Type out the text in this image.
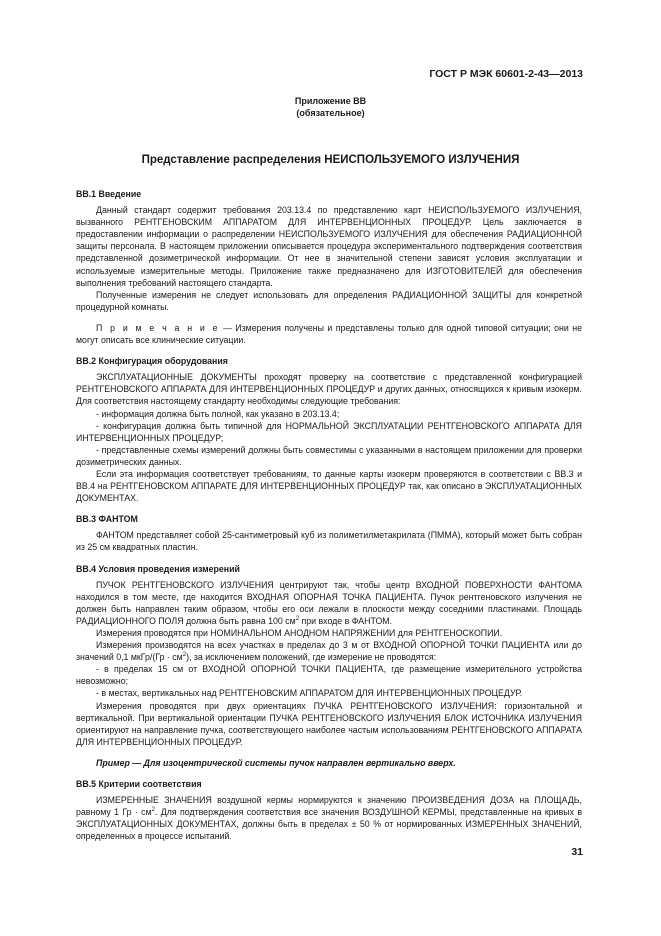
ГОСТ Р МЭК 60601-2-43—2013
Приложение ВВ
(обязательное)
Представление распределения НЕИСПОЛЬЗУЕМОГО ИЗЛУЧЕНИЯ

ВВ.1 Введение

Данный стандарт содержит требования 203.13.4 по представлению карт НЕИСПОЛЬЗУЕМОГО ИЗЛУЧЕНИЯ, вызванного РЕНТГЕНОВСКИМ АППАРАТОМ ДЛЯ ИНТЕРВЕНЦИОННЫХ ПРОЦЕДУР. Цель заключается в предоставлении информации о распределении НЕИСПОЛЬЗУЕМОГО ИЗЛУЧЕНИЯ для обеспечения РАДИАЦИОННОЙ защиты персонала. В настоящем приложении описывается процедура экспериментального подтверждения соответствия представленной дозиметрической информации. От нее в значительной степени зависят условия эксплуатации и используемые измерительные методы. Приложение также предназначено для ИЗГОТОВИТЕЛЕЙ для обеспечения выполнения требований настоящего стандарта.

Полученные измерения не следует использовать для определения РАДИАЦИОННОЙ ЗАЩИТЫ для конкретной процедурной комнаты.

П р и м е ч а н и е — Измерения получены и представлены только для одной типовой ситуации; они не могут описать все клинические ситуации.

ВВ.2 Конфигурация оборудования

ЭКСПЛУАТАЦИОННЫЕ ДОКУМЕНТЫ проходят проверку на соответствие с представленной конфигурацией РЕНТГЕНОВСКОГО АППАРАТА ДЛЯ ИНТЕРВЕНЦИОННЫХ ПРОЦЕДУР и других данных, относящихся к кривым изокерм. Для соответствия настоящему стандарту необходимы следующие требования:

- информация должна быть полной, как указано в 203.13.4;

- конфигурация должна быть типичной для НОРМАЛЬНОЙ ЭКСПЛУАТАЦИИ РЕНТГЕНОВСКОГО АППАРАТА ДЛЯ ИНТЕРВЕНЦИОННЫХ ПРОЦЕДУР;

- представленные схемы измерений должны быть совместимы с указанными в настоящем приложении для проверки дозиметрических данных.

Если эта информация соответствует требованиям, то данные карты изокерм проверяются в соответствии с ВВ.3 и ВВ.4 на РЕНТГЕНОВСКОМ АППАРАТЕ ДЛЯ ИНТЕРВЕНЦИОННЫХ ПРОЦЕДУР так, как описано в ЭКСПЛУАТАЦИОННЫХ ДОКУМЕНТАХ.

ВВ.3 ФАНТОМ

ФАНТОМ представляет собой 25-сантиметровый куб из полиметилметакрилата (ПММА), который может быть собран из 25 см квадратных пластин.

ВВ.4 Условия проведения измерений

ПУЧОК РЕНТГЕНОВСКОГО ИЗЛУЧЕНИЯ центрируют так, чтобы центр ВХОДНОЙ ПОВЕРХНОСТИ ФАНТОМА находился в том месте, где находится ВХОДНАЯ ОПОРНАЯ ТОЧКА ПАЦИЕНТА. Пучок рентгеновского излучения не должен быть направлен таким образом, чтобы его оси лежали в плоскости между соседними пластинами. Площадь РАДИАЦИОННОГО ПОЛЯ должна быть равна 100 $см^2$ при входе в ФАНТОМ.

Измерения проводятся при НОМИНАЛЬНОМ АНОДНОМ НАПРЯЖЕНИИ для РЕНТГЕНОСКОПИИ.

Измерения производятся на всех участках в пределах до 3 м от ВХОДНОЙ ОПОРНОЙ ТОЧКИ ПАЦИЕНТА или до значений 0,1 мкГр/(Гр · $см^2$), за исключением положений, где измерение не проводятся:

- в пределах 15 см от ВХОДНОЙ ОПОРНОЙ ТОЧКИ ПАЦИЕНТА, где размещение измерительного устройства невозможно;

- в местах, вертикальных над РЕНТГЕНОВСКИМ АППАРАТОМ ДЛЯ ИНТЕРВЕНЦИОННЫХ ПРОЦЕДУР.

Измерения проводятся при двух ориентациях ПУЧКА РЕНТГЕНОВСКОГО ИЗЛУЧЕНИЯ: горизонтальной и вертикальной. При вертикальной ориентации ПУЧКА РЕНТГЕНОВСКОГО ИЗЛУЧЕНИЯ БЛОК ИСТОЧНИКА ИЗЛУЧЕНИЯ ориентируют на направление пучка, соответствующего наиболее частым использованиям РЕНТГЕНОВСКОГО АППАРАТА ДЛЯ ИНТЕРВЕНЦИОННЫХ ПРОЦЕДУР.

Пример — Для изоцентрической системы пучок направлен вертикально вверх.

ВВ.5 Критерии соответствия

ИЗМЕРЕННЫЕ ЗНАЧЕНИЯ воздушной кермы нормируются к значению ПРОИЗВЕДЕНИЯ ДОЗА на ПЛОЩАДЬ, равному 1 Гр · $см^2$. Для подтверждения соответствия все значения ВОЗДУШНОЙ КЕРМЫ, представленные на кривых в ЭКСПЛУАТАЦИОННЫХ ДОКУМЕНТАХ, должны быть в пределах ± 50 % от нормированных ИЗМЕРЕННЫХ ЗНАЧЕНИЙ, определенных в процессе испытаний.

31
